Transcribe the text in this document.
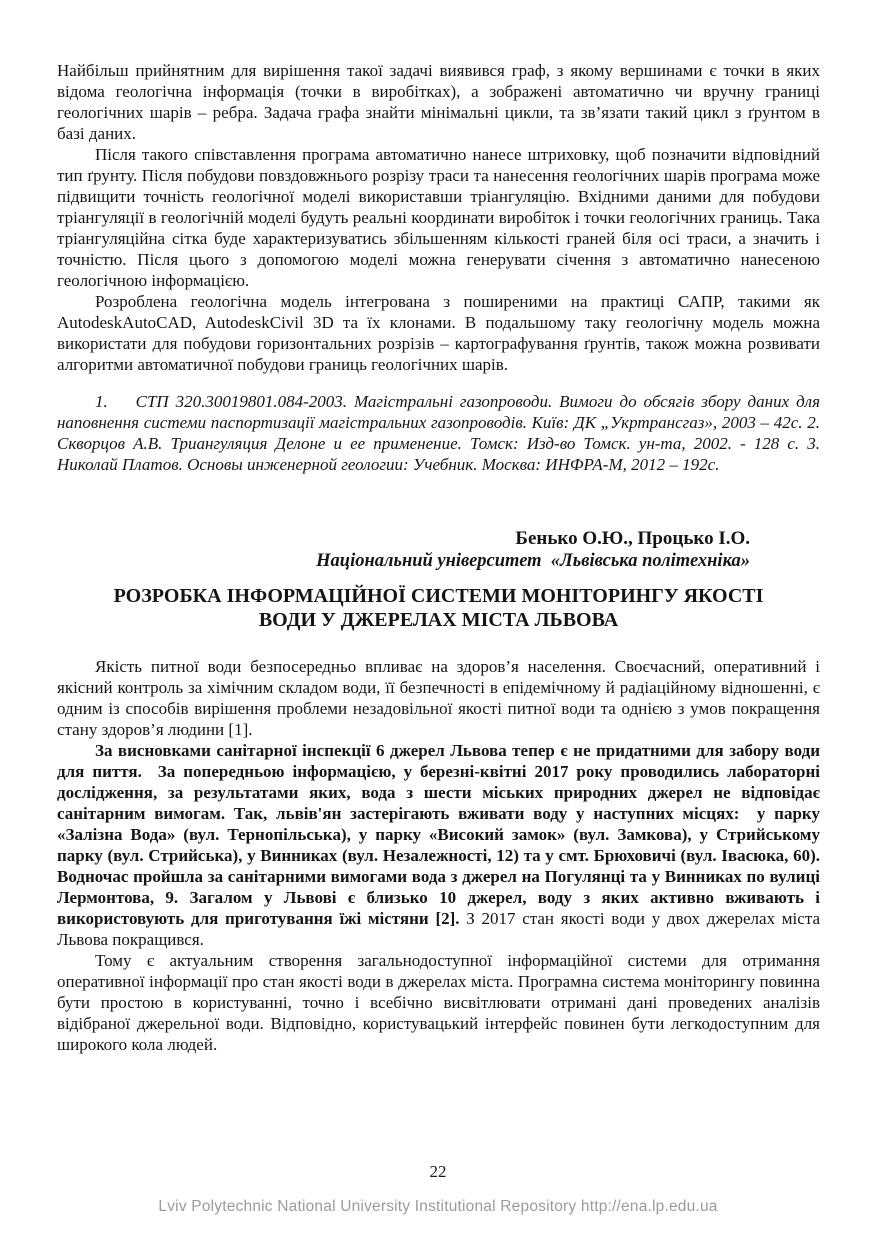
Найбільш прийнятним для вирішення такої задачі виявився граф, з якому вершинами є точки в яких відома геологічна інформація (точки в виробітках), а зображені автоматично чи вручну границі геологічних шарів – ребра. Задача графа знайти мінімальні цикли, та зв’язати такий цикл з ґрунтом в базі даних.

Після такого співставлення програма автоматично нанесе штриховку, щоб позначити відповідний тип ґрунту. Після побудови повздовжнього розрізу траси та нанесення геологічних шарів програма може підвищити точність геологічної моделі використавши тріангуляцію. Вхідними даними для побудови тріангуляції в геологічній моделі будуть реальні координати виробіток і точки геологічних границь. Така тріангуляційна сітка буде характеризуватись збільшенням кількості граней біля осі траси, а значить і точністю. Після цього з допомогою моделі можна генерувати січення з автоматично нанесеною геологічною інформацією.

Розроблена геологічна модель інтегрована з поширеними на практиці САПР, такими як AutodeskAutoCAD, AutodeskCivil 3D та їх клонами. В подальшому таку геологічну модель можна використати для побудови горизонтальних розрізів – картографування ґрунтів, також можна розвивати алгоритми автоматичної побудови границь геологічних шарів.

1.    СТП 320.30019801.084-2003. Магістральні газопроводи. Вимоги до обсягів збору даних для наповнення системи паспортизації магістральних газопроводів. Київ: ДК „Укртрансгаз», 2003 – 42с. 2. Скворцов А.В. Триангуляция Делоне и ее применение. Томск: Изд-во Томск. ун-та, 2002. - 128 с. 3. Николай Платов. Основы инженерной геологии: Учебник. Москва: ИНФРА-М, 2012 – 192с.

Бенько О.Ю., Процько І.О.
Національний університет  «Львівська політехніка»
РОЗРОБКА ІНФОРМАЦІЙНОЇ СИСТЕМИ МОНІТОРИНГУ ЯКОСТІ
ВОДИ У ДЖЕРЕЛАХ МІСТА ЛЬВОВА

Якість питної води безпосередньо впливає на здоров’я населення. Своєчасний, оперативний і якісний контроль за хімічним складом води, її безпечності в епідемічному й радіаційному відношенні, є одним із способів вирішення проблеми незадовільної якості питної води та однією з умов покращення стану здоров’я людини [1].

За висновками санітарної інспекції 6 джерел Львова тепер є не придатними для забору води для пиття.  За попередньою інформацією, у березні-квітні 2017 року проводились лабораторні дослідження, за результатами яких, вода з шести міських природних джерел не відповідає санітарним вимогам. Так, львів'ян застерігають вживати воду у наступних місцях:  у парку «Залізна Вода» (вул. Тернопільська), у парку «Високий замок» (вул. Замкова), у Стрийському парку (вул. Стрийська), у Винниках (вул. Незалежності, 12) та у смт. Брюховичі (вул. Івасюка, 60). Водночас пройшла за санітарними вимогами вода з джерел на Погулянці та у Винниках по вулиці Лермонтова, 9. Загалом у Львові є близько 10 джерел, воду з яких активно вживають і використовують для приготування їжі містяни [2]. З 2017 стан якості води у двох джерелах міста Львова покращився.

Тому є актуальним створення загальнодоступної інформаційної системи для отримання оперативної інформації про стан якості води в джерелах міста. Програмна система моніторингу повинна бути простою в користуванні, точно і всебічно висвітлювати отримані дані проведених аналізів відібраної джерельної води. Відповідно, користувацький інтерфейс повинен бути легкодоступним для широкого кола людей.

22
Lviv Polytechnic National University Institutional Repository http://ena.lp.edu.ua
